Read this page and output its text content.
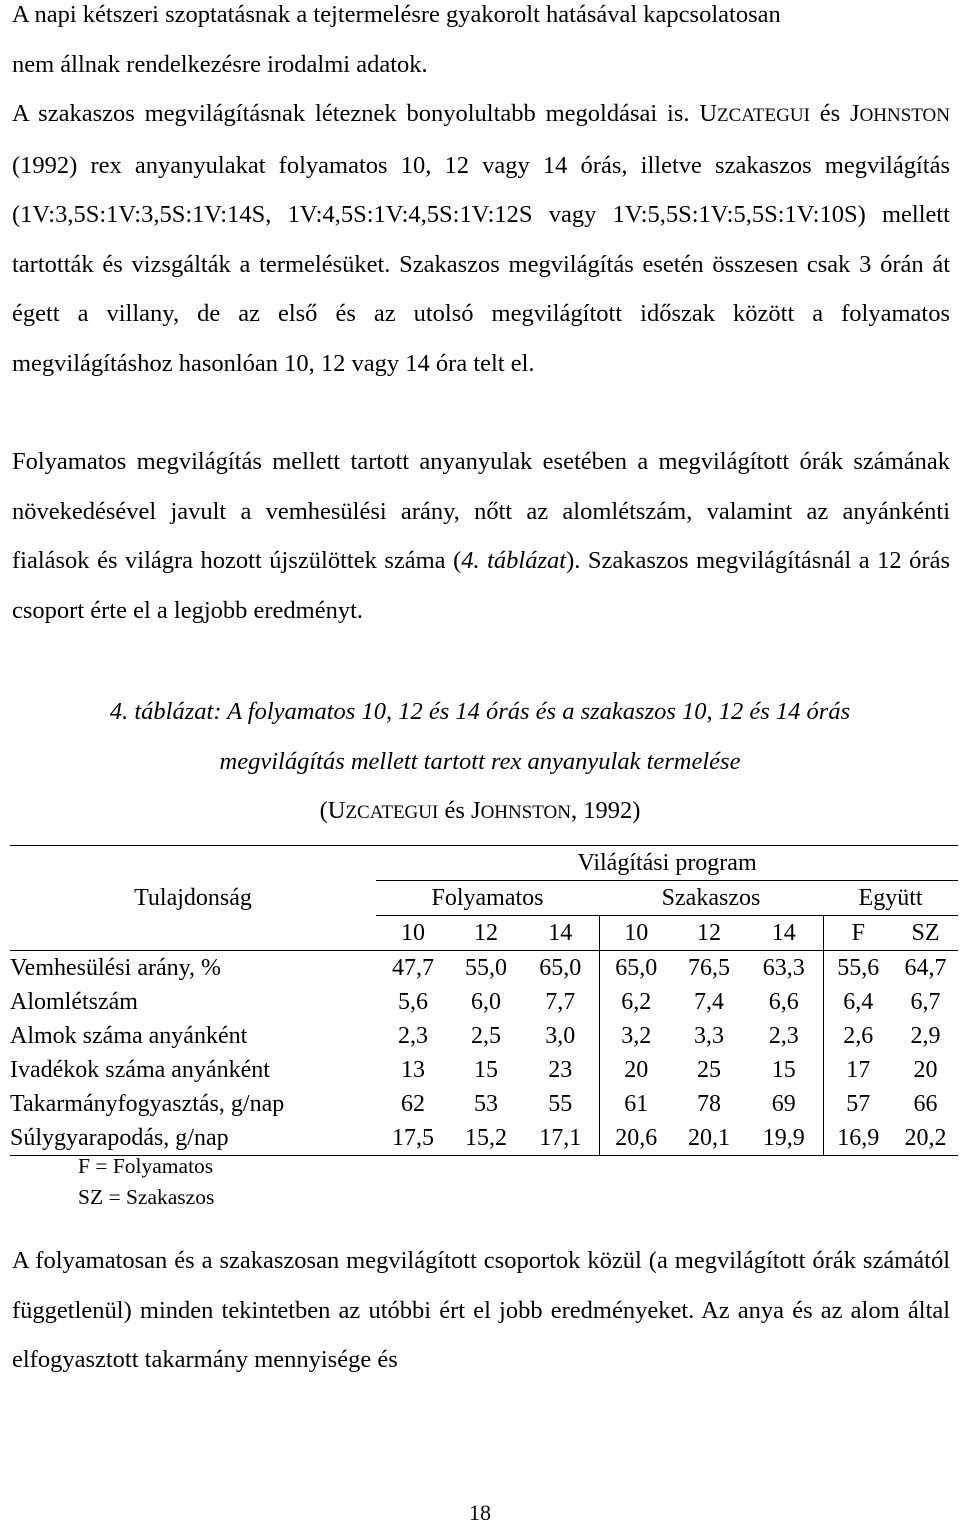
A napi kétszeri szoptatásnak a tejtermelésre gyakorolt hatásával kapcsolatosan
nem állnak rendelkezésre irodalmi adatok.

A szakaszos megvilágításnak léteznek bonyolultabb megoldásai is. UZCATEGUI és JOHNSTON (1992) rex anyanyulakat folyamatos 10, 12 vagy 14 órás, illetve szakaszos megvilágítás (1V:3,5S:1V:3,5S:1V:14S, 1V:4,5S:1V:4,5S:1V:12S vagy 1V:5,5S:1V:5,5S:1V:10S) mellett tartották és vizsgálták a termelésüket. Szakaszos megvilágítás esetén összesen csak 3 órán át égett a villany, de az első és az utolsó megvilágított időszak között a folyamatos megvilágításhoz hasonlóan 10, 12 vagy 14 óra telt el.

Folyamatos megvilágítás mellett tartott anyanyulak esetében a megvilágított órák számának növekedésével javult a vemhesülési arány, nőtt az alomlétszám, valamint az anyánkénti fialások és világra hozott újszülöttek száma (4. táblázat). Szakaszos megvilágításnál a 12 órás csoport érte el a legjobb eredményt.

4. táblázat: A folyamatos 10, 12 és 14 órás és a szakaszos 10, 12 és 14 órás

megvilágítás mellett tartott rex anyanyulak termelése

(UZCATEGUI és JOHNSTON, 1992)

Tulajdonság	Világítási program							
	Folyamatos			Szakaszos			Együtt	
	10	12	14	10	12	14	F	SZ
Vemhesülési arány, %	47,7	55,0	65,0	65,0	76,5	63,3	55,6	64,7
Alomlétszám	5,6	6,0	7,7	6,2	7,4	6,6	6,4	6,7
Almok száma anyánként	2,3	2,5	3,0	3,2	3,3	2,3	2,6	2,9
Ivadékok száma anyánként	13	15	23	20	25	15	17	20
Takarmányfogyasztás, g/nap	62	53	55	61	78	69	57	66
Súlygyarapodás, g/nap	17,5	15,2	17,1	20,6	20,1	19,9	16,9	20,2

F = Folyamatos

SZ = Szakaszos

A folyamatosan és a szakaszosan megvilágított csoportok közül (a megvilágított órák számától függetlenül) minden tekintetben az utóbbi ért el jobb eredményeket. Az anya és az alom által elfogyasztott takarmány mennyisége és

18
